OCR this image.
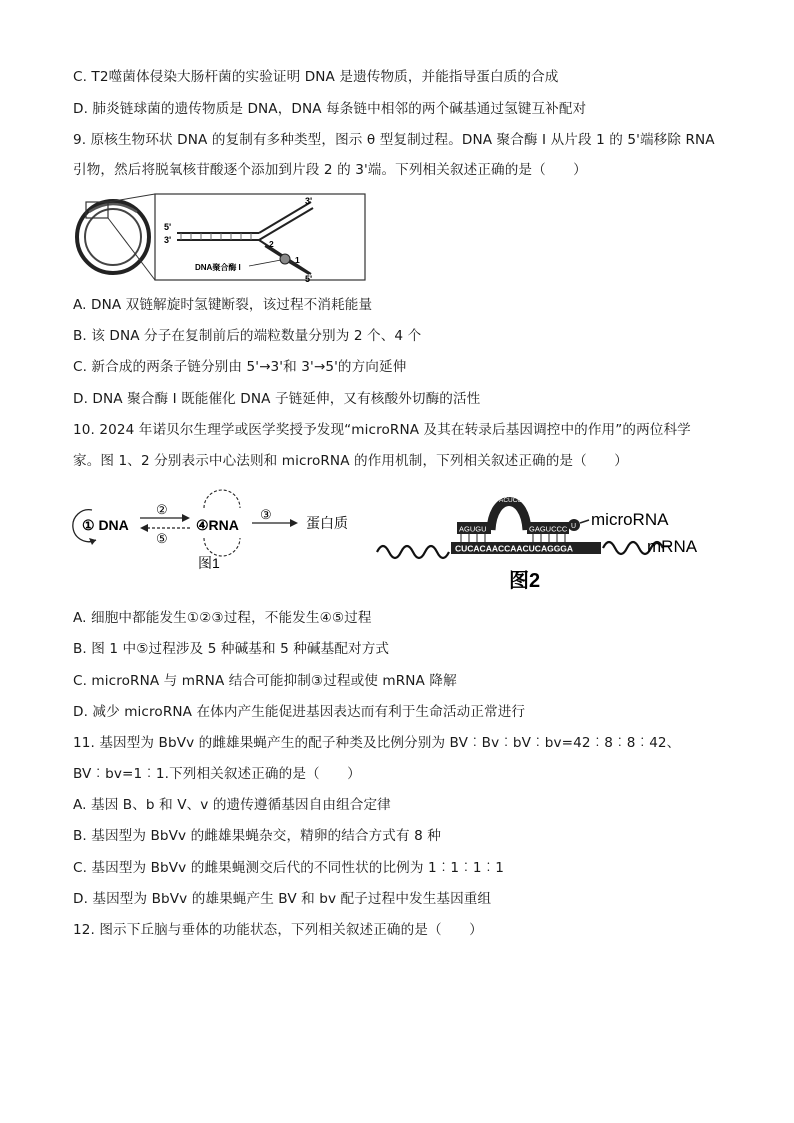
C. T2噬菌体侵染大肠杆菌的实验证明 DNA 是遗传物质，并能指导蛋白质的合成
D. 肺炎链球菌的遗传物质是 DNA，DNA 每条链中相邻的两个碱基通过氢键互补配对
9. 原核生物环状 DNA 的复制有多种类型，图示 θ 型复制过程。DNA 聚合酶 I 从片段 1 的 5'端移除 RNA
引物，然后将脱氧核苷酸逐个添加到片段 2 的 3'端。下列相关叙述正确的是（　　）
3'
5'
3'	2
1
5'
DNA聚合酶 I
A. DNA 双链解旋时氢键断裂，该过程不消耗能量
B. 该 DNA 分子在复制前后的端粒数量分别为 2 个、4 个
C. 新合成的两条子链分别由 5'→3'和 3'→5'的方向延伸
D. DNA 聚合酶 I 既能催化 DNA 子链延伸，又有核酸外切酶的活性
10. 2024 年诺贝尔生理学或医学奖授予发现“microRNA 及其在转录后基因调控中的作用”的两位科学
家。图 1、2 分别表示中心法则和 microRNA 的作用机制，下列相关叙述正确的是（　　）
① DNA
②
⑤
④RNA
③
蛋白质
图1
CUCACAACCAACUCAGGGA
AGUGU
ACUCC
GAGUCCC U microRNA
mRNA
图2
A. 细胞中都能发生①②③过程，不能发生④⑤过程
B. 图 1 中⑤过程涉及 5 种碱基和 5 种碱基配对方式
C. microRNA 与 mRNA 结合可能抑制③过程或使 mRNA 降解
D. 减少 microRNA 在体内产生能促进基因表达而有利于生命活动正常进行
11. 基因型为 BbVv 的雌雄果蝇产生的配子种类及比例分别为 BV︰Bv︰bV︰bv=42︰8︰8︰42、
BV︰bv=1︰1.下列相关叙述正确的是（　　）
A. 基因 B、b 和 V、v 的遗传遵循基因自由组合定律
B. 基因型为 BbVv 的雌雄果蝇杂交，精卵的结合方式有 8 种
C. 基因型为 BbVv 的雌果蝇测交后代的不同性状的比例为 1︰1︰1︰1
D. 基因型为 BbVv 的雄果蝇产生 BV 和 bv 配子过程中发生基因重组
12. 图示下丘脑与垂体的功能状态，下列相关叙述正确的是（　　）
